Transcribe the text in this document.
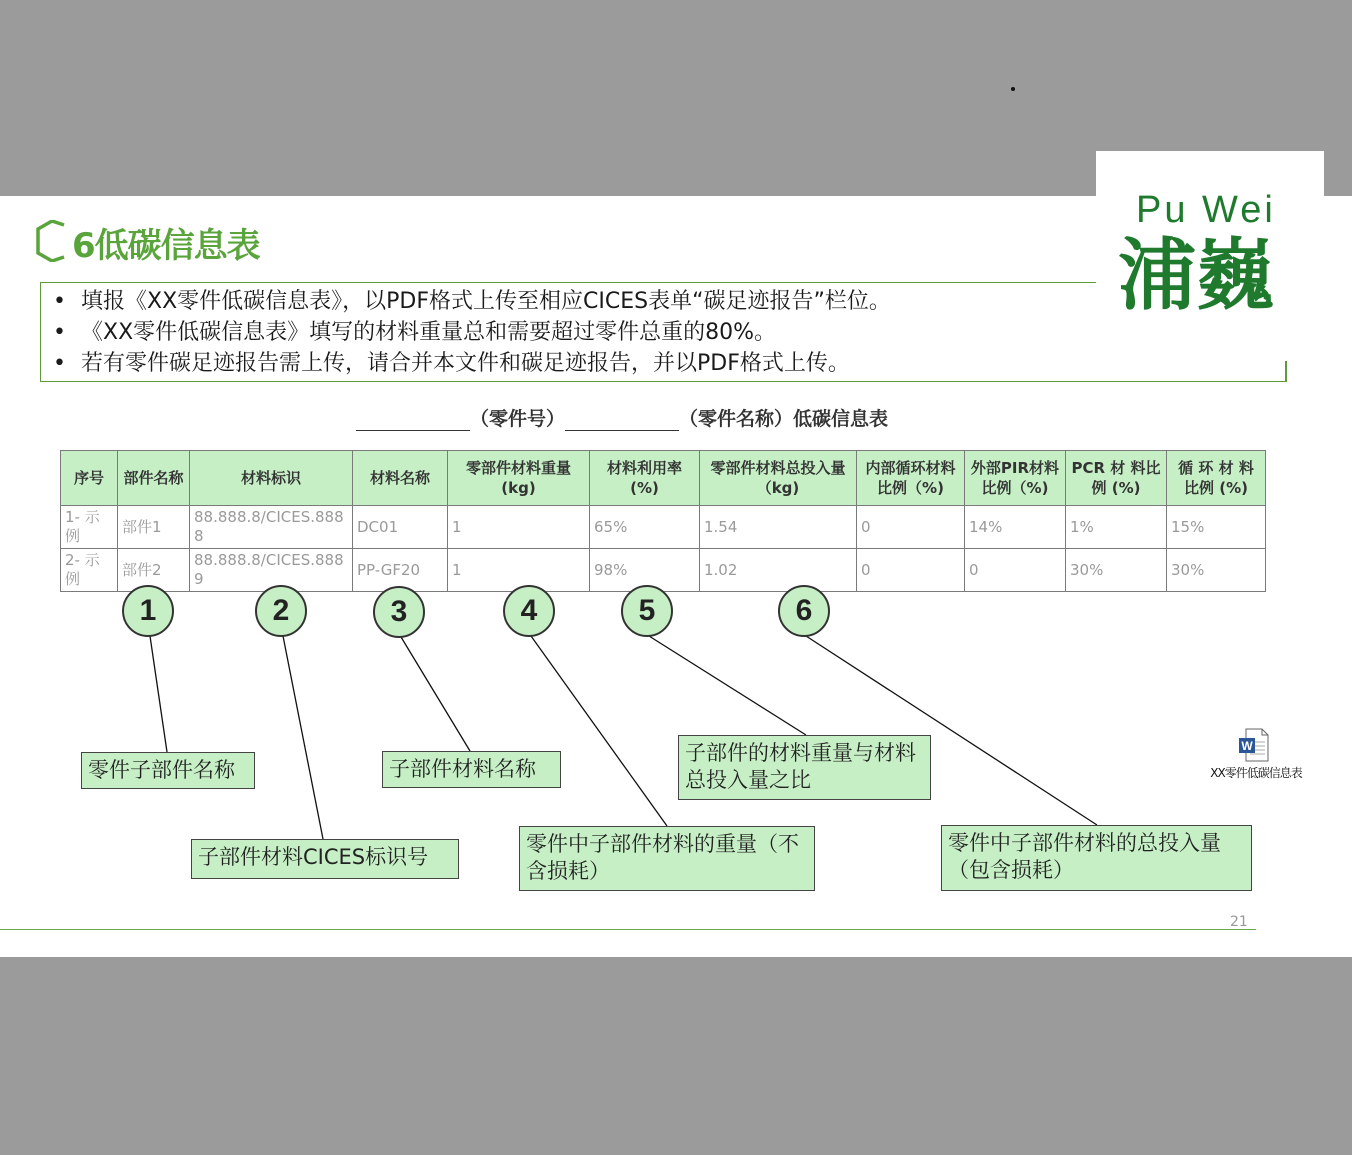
6低碳信息表
• 填报《XX零件低碳信息表》，以PDF格式上传至相应CICES表单“碳足迹报告”栏位。
• 《XX零件低碳信息表》填写的材料重量总和需要超过零件总重的80%。
• 若有零件碳足迹报告需上传，请合并本文件和碳足迹报告，并以PDF格式上传。
（零件号）	（零件名称）低碳信息表
序号	部件名称	材料标识	材料名称	零部件材料重量(kg)	材料利用率(%)	零部件材料总投入量（kg)	内部循环材料比例（%)	外部PIR材料比例（%)	PCR 材 料比例 (%)	循 环 材 料比例 (%)
1- 示例	部件1	88.888.8/CICES.8888	DC01	1	65%	1.54	0	14%	1%	15%
2- 示例	部件2	88.888.8/CICES.8889	PP-GF20	1	98%	1.02	0	0	30%	30%
1	2	3	4	5	6
零件子部件名称
子部件材料CICES标识号
子部件材料名称
零件中子部件材料的重量（不含损耗）
子部件的材料重量与材料总投入量之比
零件中子部件材料的总投入量（包含损耗）
W
XX零件低碳信息表
21
Pu Wei
浦巍
